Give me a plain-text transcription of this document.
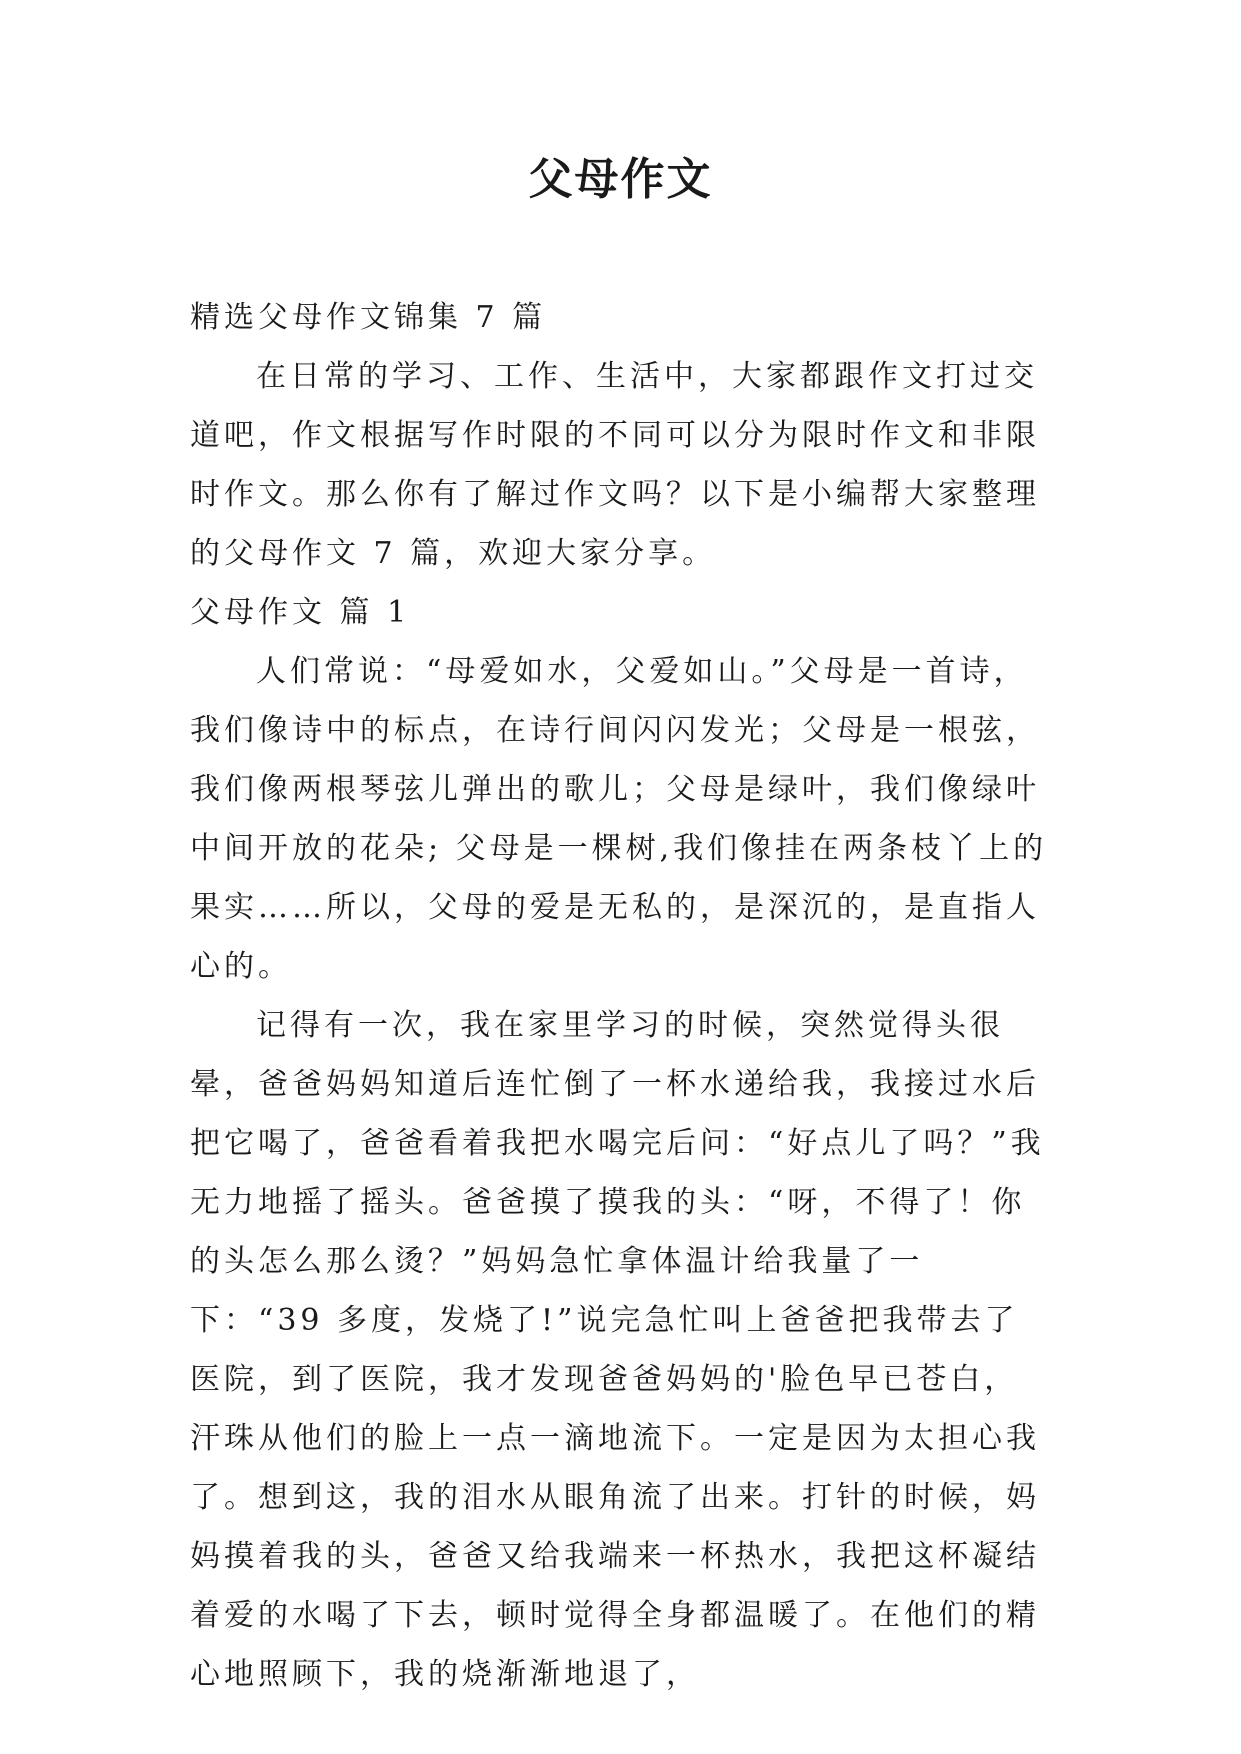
父母作文

精选父母作文锦集 7 篇

在日常的学习、工作、生活中，大家都跟作文打过交道吧，作文根据写作时限的不同可以分为限时作文和非限时作文。那么你有了解过作文吗？以下是小编帮大家整理的父母作文 7 篇，欢迎大家分享。

父母作文 篇 1

人们常说：“母爱如水，父爱如山。”父母是一首诗，我们像诗中的标点，在诗行间闪闪发光；父母是一根弦，我们像两根琴弦儿弹出的歌儿；父母是绿叶，我们像绿叶中间开放的花朵; 父母是一棵树,我们像挂在两条枝丫上的果实……所以，父母的爱是无私的，是深沉的，是直指人心的。

记得有一次，我在家里学习的时候，突然觉得头很晕，爸爸妈妈知道后连忙倒了一杯水递给我，我接过水后把它喝了，爸爸看着我把水喝完后问：“好点儿了吗？”我无力地摇了摇头。爸爸摸了摸我的头：“呀，不得了！你的头怎么那么烫？”妈妈急忙拿体温计给我量了一下：“39 多度，发烧了!”说完急忙叫上爸爸把我带去了医院，到了医院，我才发现爸爸妈妈的'脸色早已苍白，汗珠从他们的脸上一点一滴地流下。一定是因为太担心我了。想到这，我的泪水从眼角流了出来。打针的时候，妈妈摸着我的头，爸爸又给我端来一杯热水，我把这杯凝结着爱的水喝了下去，顿时觉得全身都温暖了。在他们的精心地照顾下，我的烧渐渐地退了，
